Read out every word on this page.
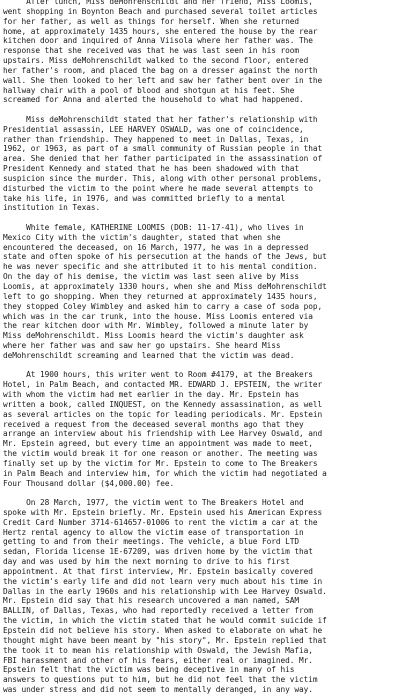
After lunch, Miss deMohrenschildt and her friend, Miss Loomis,
went shopping in Boynton Beach and purchased several toilet articles
for her father, as well as things for herself. When she returned
home, at approximately 1435 hours, she entered the house by the rear
kitchen door and inquired of Anna Viisola where her father was. The
response that she received was that he was last seen in his room
upstairs. Miss deMohrenschildt walked to the second floor, entered
her father's room, and placed the bag on a dresser against the north
wall. She then looked to her left and saw her father bent over in the
hallway chair with a pool of blood and shotgun at his feet. She
screamed for Anna and alerted the household to what had happened.
Miss deMohrenschildt stated that her father's relationship with
Presidential assassin, LEE HARVEY OSWALD, was one of coincidence,
rather than friendship. They happened to meet in Dallas, Texas, in
1962, or 1963, as part of a small community of Russian people in that
area. She denied that her father participated in the assassination of
President Kennedy and stated that he has been shadowed with that
suspicion since the murder. This, along with other personal problems,
disturbed the victim to the point where he made several attempts to
take his life, in 1976, and was committed briefly to a mental
institution in Texas.
White female, KATHERINE LOOMIS (DOB: 11-17-41), who lives in
Mexico City with the victim's daughter, stated that when she
encountered the deceased, on 16 March, 1977, he was in a depressed
state and often spoke of his persecution at the hands of the Jews, but
he was never specific and she attributed it to his mental condition.
On the day of his demise, the victim was last seen alive by Miss
Loomis, at approximately 1330 hours, when she and Miss deMohrenschildt
left to go shopping. When they returned at approximately 1435 hours,
they stopped Coley Wimbley and asked him to carry a case of soda pop,
which was in the car trunk, into the house. Miss Loomis entered via
the rear kitchen door with Mr. Wimbley, followed a minute later by
Miss deMohrenschildt. Miss Loomis heard the victim's daughter ask
where her father was and saw her go upstairs. She heard Miss
deMohrenschildt screaming and learned that the victim was dead.
At 1900 hours, this writer went to Room #4179, at the Breakers
Hotel, in Palm Beach, and contacted MR. EDWARD J. EPSTEIN, the writer
with whom the victim had met earlier in the day. Mr. Epstein has
written a book, called INQUEST, on the Kennedy assassination, as well
as several articles on the topic for leading periodicals. Mr. Epstein
received a request from the deceased several months ago that they
arrange an interview about his friendship with Lee Harvey Oswald, and
Mr. Epstein agreed, but every time an appointment was made to meet,
the victim would break it for one reason or another. The meeting was
finally set up by the victim for Mr. Epstein to come to The Breakers
in Palm Beach and interview him, for which the victim had negotiated a
Four Thousand dollar ($4,000.00) fee.
On 28 March, 1977, the victim went to The Breakers Hotel and
spoke with Mr. Epstein briefly. Mr. Epstein used his American Express
Credit Card Number 3714-614657-01006 to rent the victim a car at the
Hertz rental agency to allow the victim ease of transportation in
getting to and from their meetings. The vehicle, a blue Ford LTD
sedan, Florida license 1E-67209, was driven home by the victim that
day and was used by him the next morning to drive to his first
appointment. At that first interview, Mr. Epstein basically covered
the victim's early life and did not learn very much about his time in
Dallas in the early 1960s and his relationship with Lee Harvey Oswald.
Mr. Epstein did say that his research uncovered a man named, SAM
BALLIN, of Dallas, Texas, who had reportedly received a letter from
the victim, in which the victim stated that he would commit suicide if
Epstein did not believe his story. When asked to elaborate on what he
thought might have been meant by "his story", Mr. Epstein replied that
the took it to mean his relationship with Oswald, the Jewish Mafia,
FBI harassment and other of his fears, either real or imagined. Mr.
Epstein felt that the victim was being deceptive in many of his
answers to questions put to him, but he did not feel that the victim
was under stress and did not seem to mentally deranged, in any way.
